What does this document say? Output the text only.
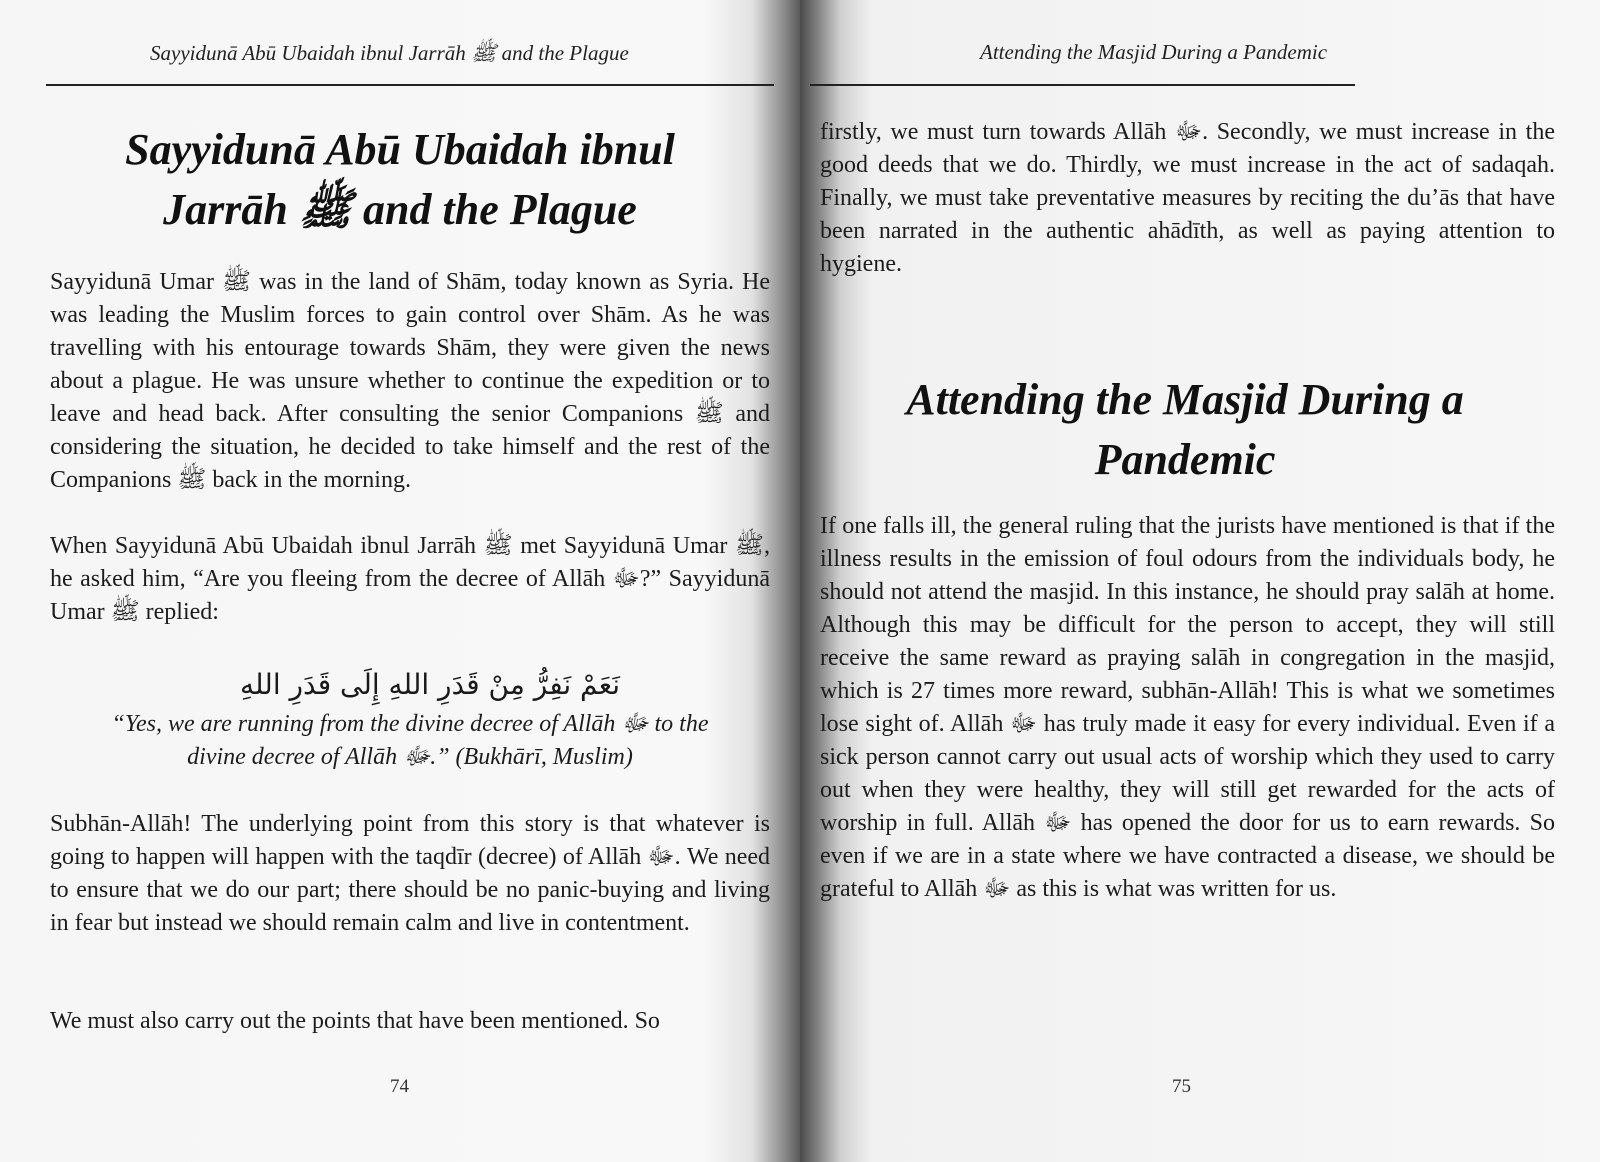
Sayyidunā Abū Ubaidah ibnul Jarrāh ﷺ and the Plague
Sayyidunā Abū Ubaidah ibnul Jarrāh ﷺ and the Plague

Sayyidunā Umar ﷺ was in the land of Shām, today known as Syria. He was leading the Muslim forces to gain control over Shām. As he was travelling with his entourage towards Shām, they were given the news about a plague. He was unsure whether to continue the expedition or to leave and head back. After consulting the senior Companions ﷺ and considering the situation, he decided to take himself and the rest of the Companions ﷺ back in the morning.

When Sayyidunā Abū Ubaidah ibnul Jarrāh ﷺ met Sayyidunā Umar ﷺ, he asked him, “Are you fleeing from the decree of Allāh ﷻ?” Sayyidunā Umar ﷺ replied:

نَعَمْ نَفِرُّ مِنْ قَدَرِ اللهِ إِلَى قَدَرِ اللهِ

“Yes, we are running from the divine decree of Allāh ﷻ to the divine decree of Allāh ﷻ.” (Bukhārī, Muslim)

Subhān-Allāh! The underlying point from this story is that whatever is going to happen will happen with the taqdīr (decree) of Allāh ﷻ. We need to ensure that we do our part; there should be no panic-buying and living in fear but instead we should remain calm and live in contentment.

We must also carry out the points that have been mentioned. So

74
Attending the Masjid During a Pandemic

firstly, we must turn towards Allāh ﷻ. Secondly, we must increase in the good deeds that we do. Thirdly, we must increase in the act of sadaqah. Finally, we must take preventative measures by reciting the du’ās that have been narrated in the authentic ahādīth, as well as paying attention to hygiene.

Attending the Masjid During a Pandemic

If one falls ill, the general ruling that the jurists have mentioned is that if the illness results in the emission of foul odours from the individuals body, he should not attend the masjid. In this instance, he should pray salāh at home. Although this may be difficult for the person to accept, they will still receive the same reward as praying salāh in congregation in the masjid, which is 27 times more reward, subhān-Allāh! This is what we sometimes lose sight of. Allāh ﷻ has truly made it easy for every individual. Even if a sick person cannot carry out usual acts of worship which they used to carry out when they were healthy, they will still get rewarded for the acts of worship in full. Allāh ﷻ has opened the door for us to earn rewards. So even if we are in a state where we have contracted a disease, we should be grateful to Allāh ﷻ as this is what was written for us.

75
